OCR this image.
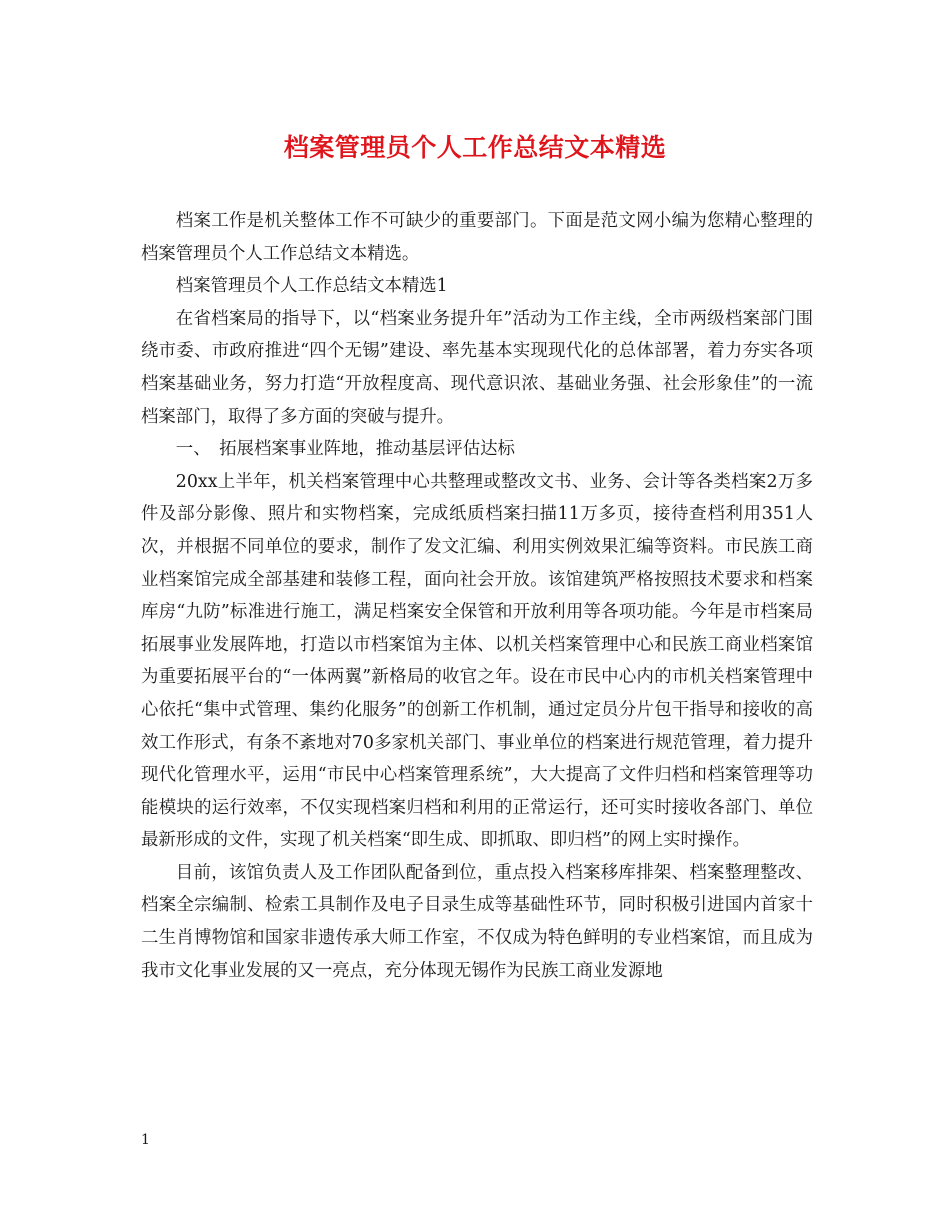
档案管理员个人工作总结文本精选

档案工作是机关整体工作不可缺少的重要部门。下面是范文网小编为您精心整理的档案管理员个人工作总结文本精选。

档案管理员个人工作总结文本精选1

在省档案局的指导下，以“档案业务提升年”活动为工作主线，全市两级档案部门围绕市委、市政府推进“四个无锡”建设、率先基本实现现代化的总体部署，着力夯实各项档案基础业务，努力打造“开放程度高、现代意识浓、基础业务强、社会形象佳”的一流档案部门，取得了多方面的突破与提升。

一、　拓展档案事业阵地，推动基层评估达标

20xx上半年，机关档案管理中心共整理或整改文书、业务、会计等各类档案2万多件及部分影像、照片和实物档案，完成纸质档案扫描11万多页，接待查档利用351人次，并根据不同单位的要求，制作了发文汇编、利用实例效果汇编等资料。市民族工商业档案馆完成全部基建和装修工程，面向社会开放。该馆建筑严格按照技术要求和档案库房“九防”标准进行施工，满足档案安全保管和开放利用等各项功能。今年是市档案局拓展事业发展阵地，打造以市档案馆为主体、以机关档案管理中心和民族工商业档案馆为重要拓展平台的“一体两翼”新格局的收官之年。设在市民中心内的市机关档案管理中心依托“集中式管理、集约化服务”的创新工作机制，通过定员分片包干指导和接收的高效工作形式，有条不紊地对70多家机关部门、事业单位的档案进行规范管理，着力提升现代化管理水平，运用“市民中心档案管理系统”，大大提高了文件归档和档案管理等功能模块的运行效率，不仅实现档案归档和利用的正常运行，还可实时接收各部门、单位最新形成的文件，实现了机关档案“即生成、即抓取、即归档”的网上实时操作。

目前，该馆负责人及工作团队配备到位，重点投入档案移库排架、档案整理整改、档案全宗编制、检索工具制作及电子目录生成等基础性环节，同时积极引进国内首家十二生肖博物馆和国家非遗传承大师工作室，不仅成为特色鲜明的专业档案馆，而且成为我市文化事业发展的又一亮点，充分体现无锡作为民族工商业发源地

1
